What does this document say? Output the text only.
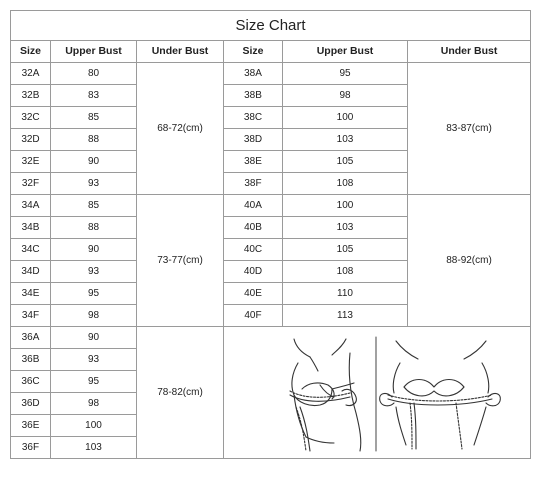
Size Chart					
Size	Upper Bust	Under Bust	Size	Upper Bust	Under Bust
32A	80	68-72(cm)	38A	95	83-87(cm)
32B	83		38B	98	
32C	85		38C	100	
32D	88		38D	103	
32E	90		38E	105	
32F	93		38F	108	
34A	85	73-77(cm)	40A	100	88-92(cm)
34B	88		40B	103	
34C	90		40C	105	
34D	93		40D	108	
34E	95		40E	110	
34F	98		40F	113	
36A	90	78-82(cm)	

36B	93				
36C	95				
36D	98				
36E	100				
36F	103				
